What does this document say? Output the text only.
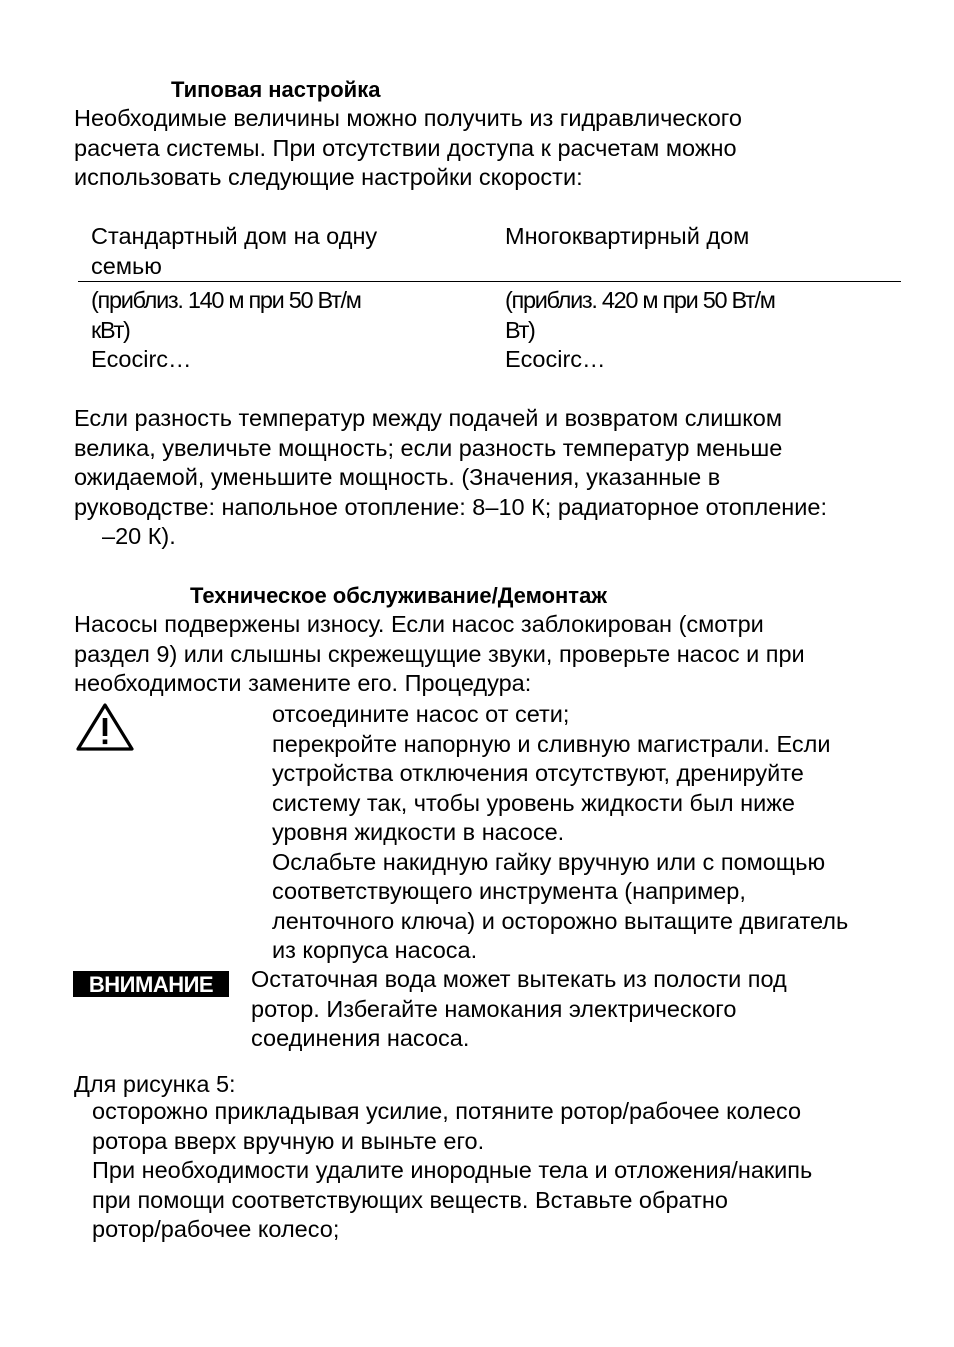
Типовая настройка
Необходимые величины можно получить из гидравлического
расчета системы. При отсутствии доступа к расчетам можно
использовать следующие настройки скорости:
Стандартный дом на одну
семью
Многоквартирный дом
(приблиз. 140 м при 50 Вт/м
кВт)
Ecocirc…
(приблиз. 420 м при 50 Вт/м
Вт)
Ecocirc…
Если разность температур между подачей и возвратом слишком
велика, увеличьте мощность; если разность температур меньше
ожидаемой, уменьшите мощность. (Значения, указанные в
руководстве: напольное отопление: 8–10 К; радиаторное отопление:
–20 К).
Техническое обслуживание/Демонтаж
Насосы подвержены износу. Если насос заблокирован (смотри
раздел 9) или слышны скрежещущие звуки, проверьте насос и при
необходимости замените его. Процедура:
отсоедините насос от сети;
перекройте напорную и сливную магистрали. Если
устройства отключения отсутствуют, дренируйте
систему так, чтобы уровень жидкости был ниже
уровня жидкости в насосе.
Ослабьте накидную гайку вручную или с помощью
соответствующего инструмента (например,
ленточного ключа) и осторожно вытащите двигатель
из корпуса насоса.
ВНИМАНИЕ	Остаточная вода может вытекать из полости под
ротор. Избегайте намокания электрического
соединения насоса.
Для рисунка 5:
осторожно прикладывая усилие, потяните ротор/рабочее колесо
ротора вверх вручную и выньте его.
При необходимости удалите инородные тела и отложения/накипь
при помощи соответствующих веществ. Вставьте обратно
ротор/рабочее колесо;
